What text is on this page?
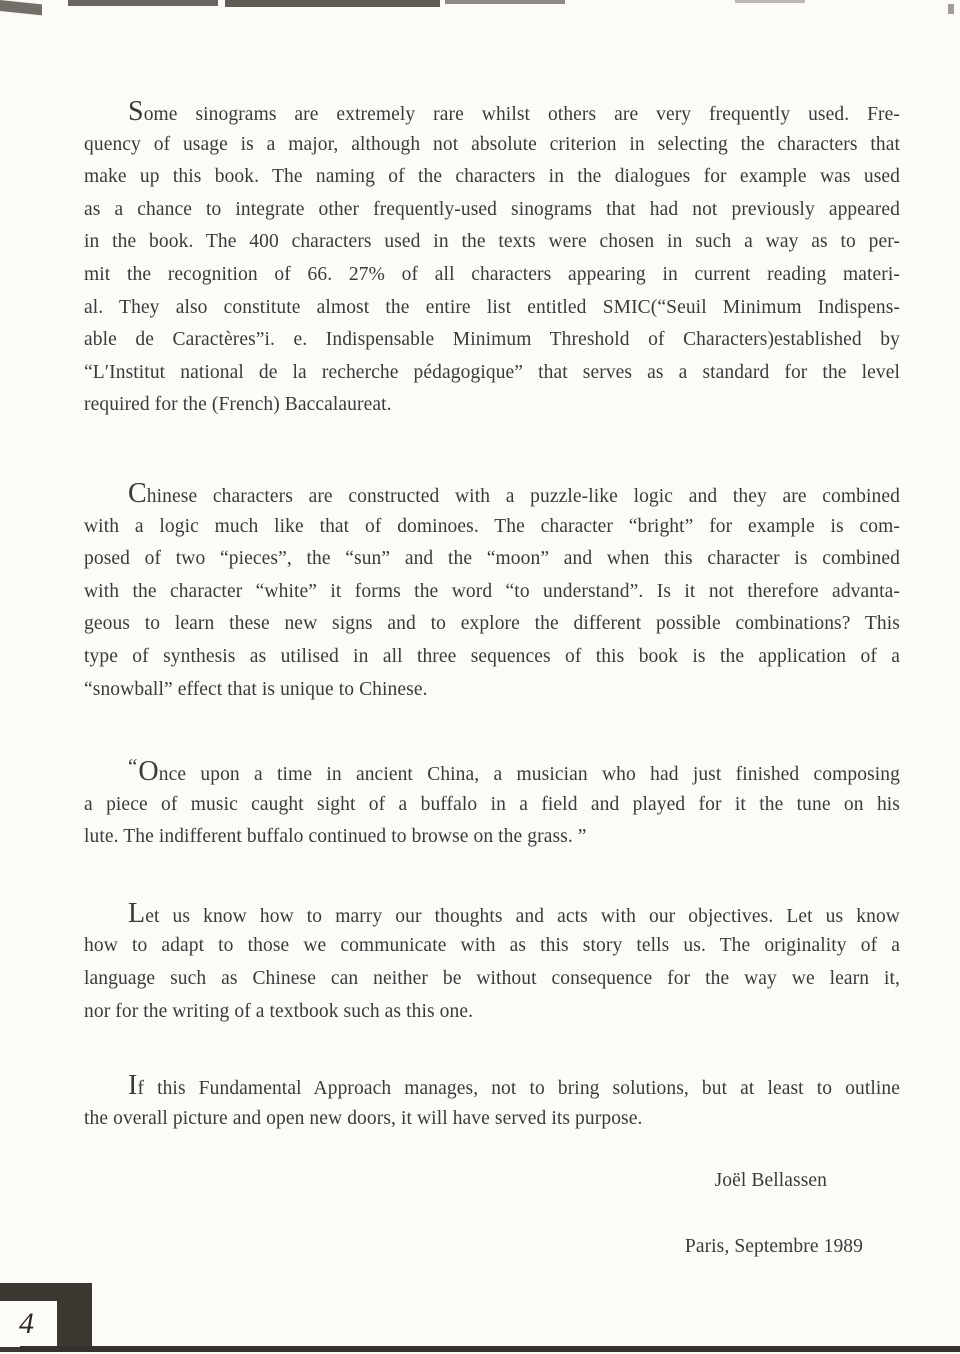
Some sinograms are extremely rare whilst others are very frequently used. Fre-
quency of usage is a major, although not absolute criterion in selecting the characters that
make up this book. The naming of the characters in the dialogues for example was used
as a chance to integrate other frequently-used sinograms that had not previously appeared
in the book. The 400 characters used in the texts were chosen in such a way as to per-
mit the recognition of 66. 27% of all characters appearing in current reading materi-
al. They also constitute almost the entire list entitled SMIC(“Seuil Minimum Indispens-
able de Caractères”i. e. Indispensable Minimum Threshold of Characters)established by
“L′Institut national de la recherche pédagogique” that serves as a standard for the level
required for the (French) Baccalaureat.
Chinese characters are constructed with a puzzle-like logic and they are combined
with a logic much like that of dominoes. The character “bright” for example is com-
posed of two “pieces”, the “sun” and the “moon” and when this character is combined
with the character “white” it forms the word “to understand”. Is it not therefore advanta-
geous to learn these new signs and to explore the different possible combinations? This
type of synthesis as utilised in all three sequences of this book is the application of a
“snowball” effect that is unique to Chinese.
“Once upon a time in ancient China, a musician who had just finished composing
a piece of music caught sight of a buffalo in a field and played for it the tune on his
lute. The indifferent buffalo continued to browse on the grass. ”
Let us know how to marry our thoughts and acts with our objectives. Let us know
how to adapt to those we communicate with as this story tells us. The originality of a
language such as Chinese can neither be without consequence for the way we learn it,
nor for the writing of a textbook such as this one.
If this Fundamental Approach manages, not to bring solutions, but at least to outline
the overall picture and open new doors, it will have served its purpose.
Joël Bellassen
Paris, Septembre 1989
4
